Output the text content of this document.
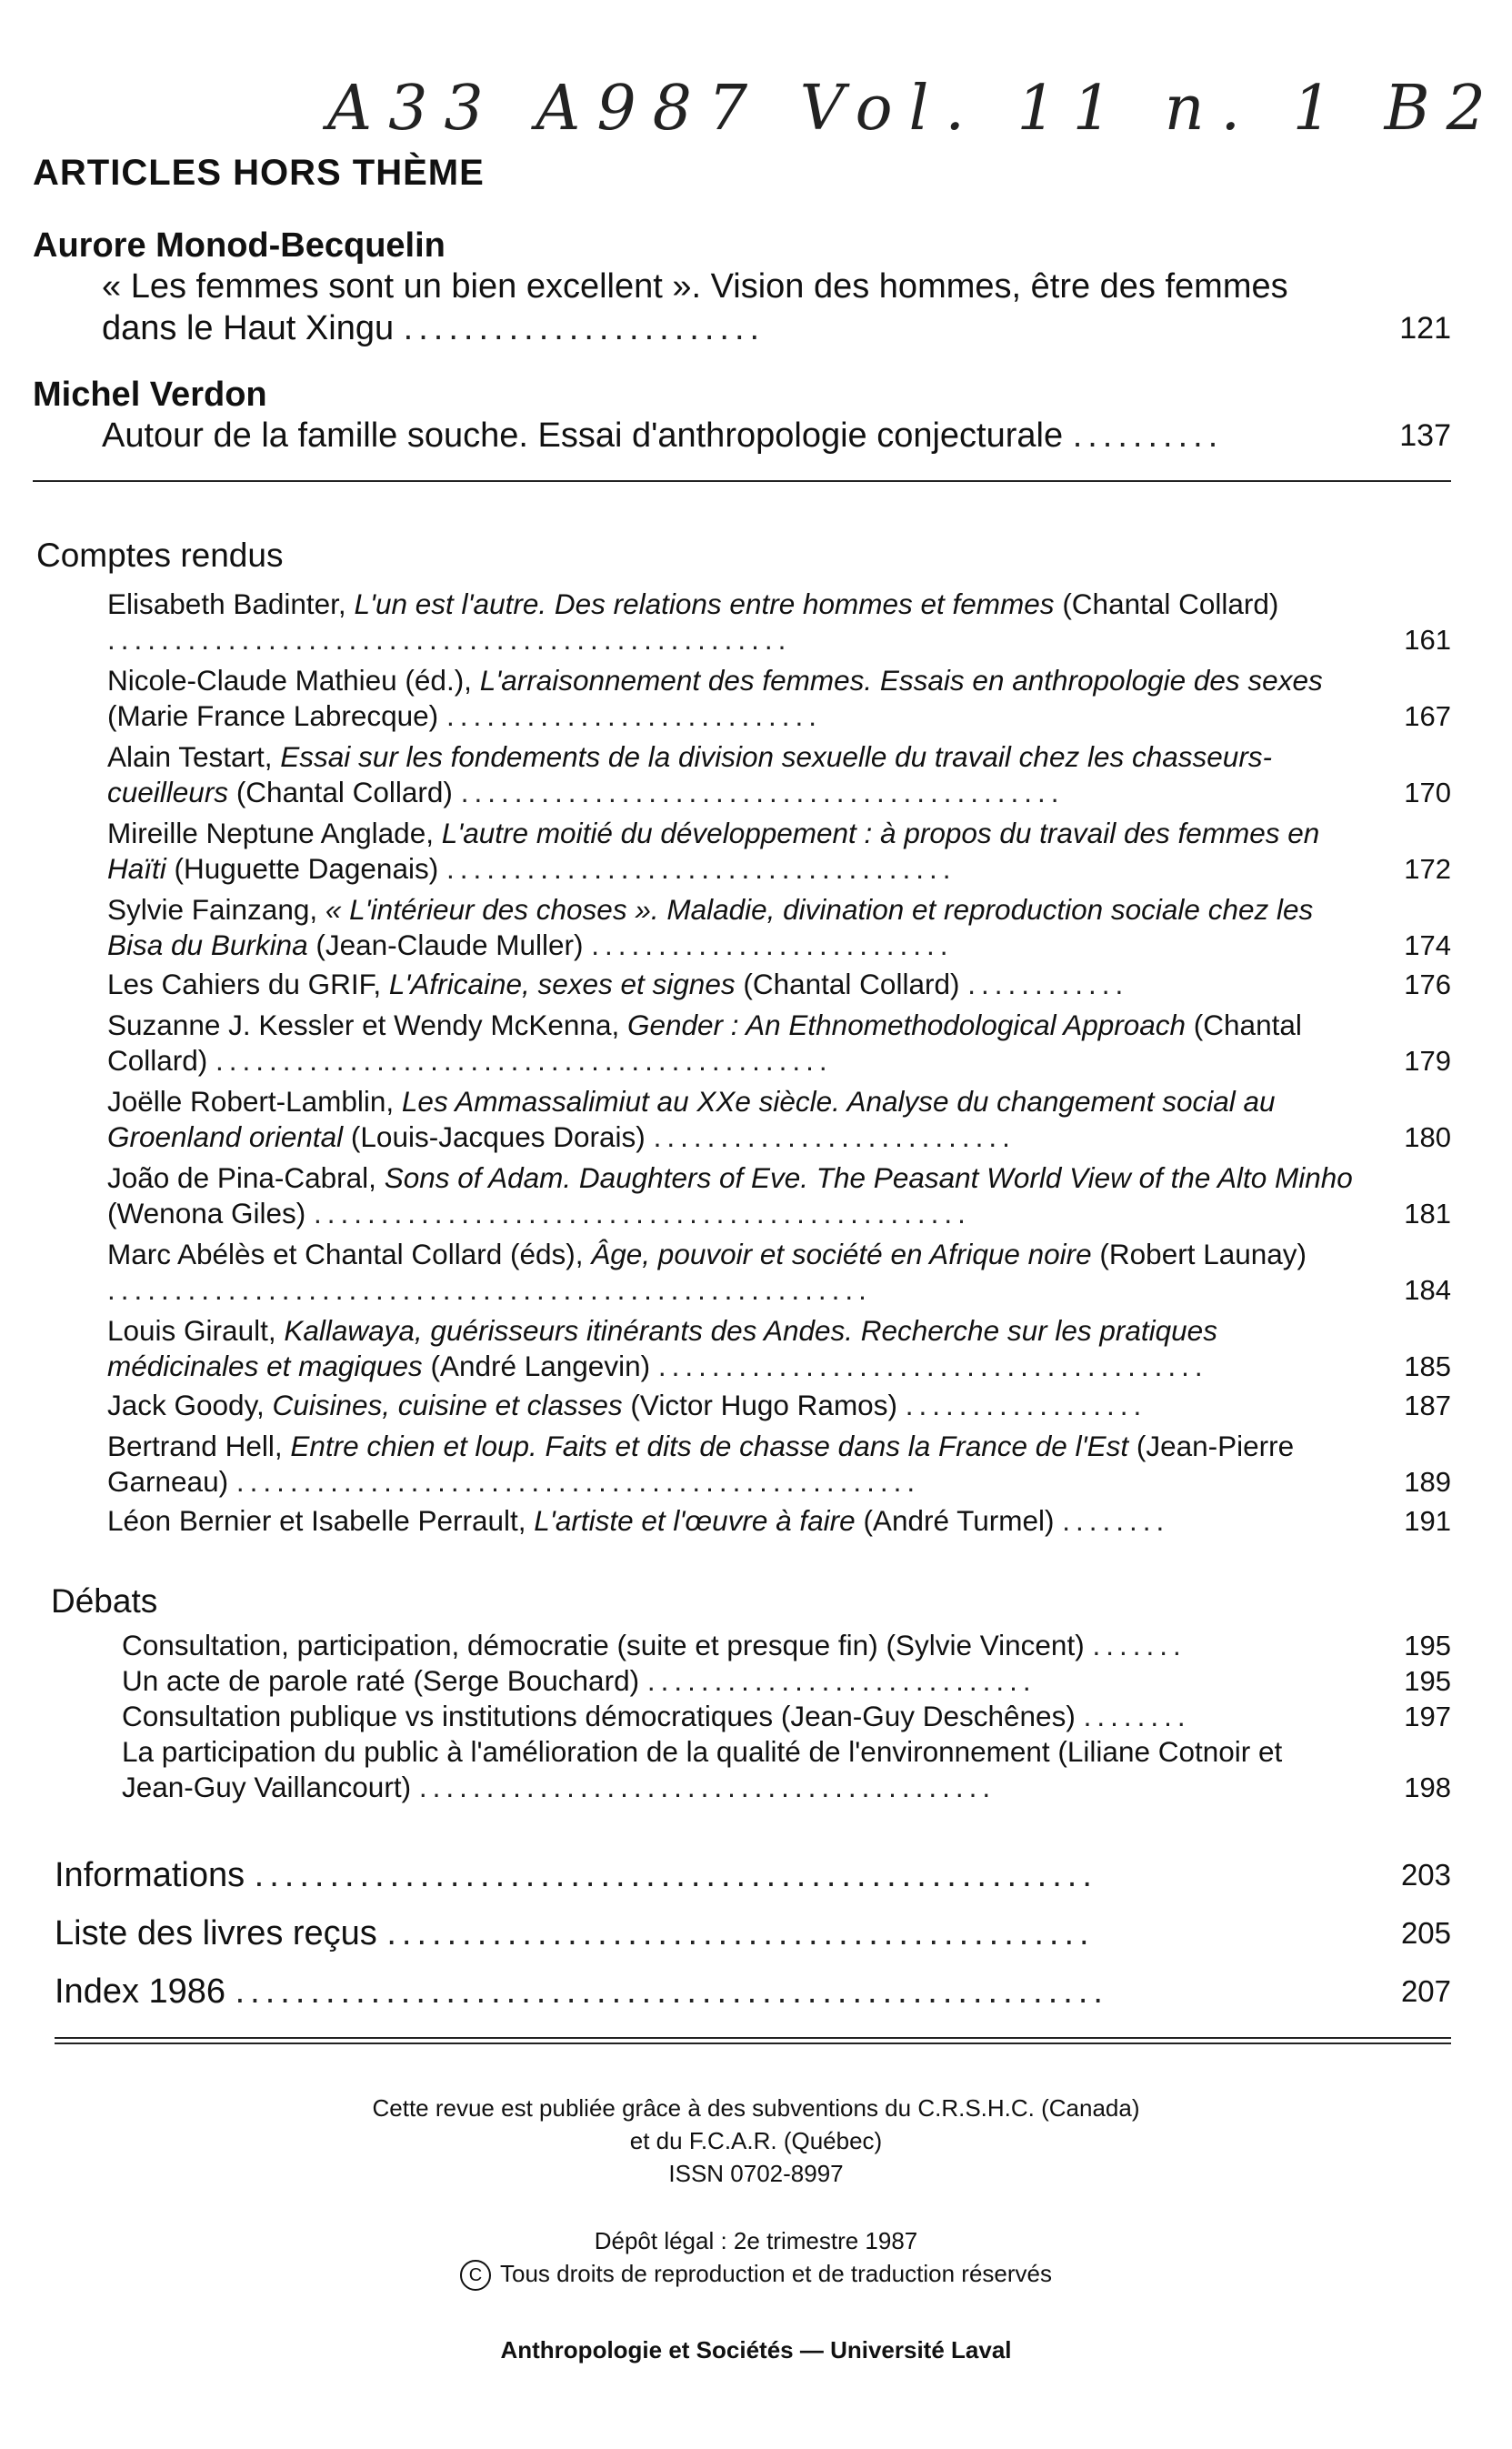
A33 A987 Vol. 11 n. 1 B2
ARTICLES HORS THÈME
Aurore Monod-Becquelin
« Les femmes sont un bien excellent ». Vision des hommes, être des femmes dans le Haut Xingu ........................	121
Michel Verdon
Autour de la famille souche. Essai d'anthropologie conjecturale ..........	137
Comptes rendus
Elisabeth Badinter, L'un est l'autre. Des relations entre hommes et femmes (Chantal Collard) ...................................................	161
Nicole-Claude Mathieu (éd.), L'arraisonnement des femmes. Essais en anthropologie des sexes (Marie France Labrecque) ............................	167
Alain Testart, Essai sur les fondements de la division sexuelle du travail chez les chasseurs-cueilleurs (Chantal Collard) .............................................	170
Mireille Neptune Anglade, L'autre moitié du développement : à propos du travail des femmes en Haïti (Huguette Dagenais) ......................................	172
Sylvie Fainzang, « L'intérieur des choses ». Maladie, divination et reproduction sociale chez les Bisa du Burkina (Jean-Claude Muller) ...........................	174
Les Cahiers du GRIF, L'Africaine, sexes et signes (Chantal Collard) ............	176
Suzanne J. Kessler et Wendy McKenna, Gender : An Ethnomethodological Approach (Chantal Collard) ..............................................	179
Joëlle Robert-Lamblin, Les Ammassalimiut au XXe siècle. Analyse du changement social au Groenland oriental (Louis-Jacques Dorais) ...........................	180
João de Pina-Cabral, Sons of Adam. Daughters of Eve. The Peasant World View of the Alto Minho (Wenona Giles) .................................................	181
Marc Abélès et Chantal Collard (éds), Âge, pouvoir et société en Afrique noire (Robert Launay) .........................................................	184
Louis Girault, Kallawaya, guérisseurs itinérants des Andes. Recherche sur les pratiques médicinales et magiques (André Langevin) .........................................	185
Jack Goody, Cuisines, cuisine et classes (Victor Hugo Ramos) ..................	187
Bertrand Hell, Entre chien et loup. Faits et dits de chasse dans la France de l'Est (Jean-Pierre Garneau) ...................................................	189
Léon Bernier et Isabelle Perrault, L'artiste et l'œuvre à faire (André Turmel) ........	191
Débats
Consultation, participation, démocratie (suite et presque fin) (Sylvie Vincent) .......	195
Un acte de parole raté (Serge Bouchard) .............................	195
Consultation publique vs institutions démocratiques (Jean-Guy Deschênes) ........	197
La participation du public à l'amélioration de la qualité de l'environnement (Liliane Cotnoir et Jean-Guy Vaillancourt) ...........................................	198
Informations ........................................................	203
Liste des livres reçus ...............................................	205
Index 1986 ..........................................................	207
Cette revue est publiée grâce à des subventions du C.R.S.H.C. (Canada)
et du F.C.A.R. (Québec)
ISSN 0702-8997
Dépôt légal : 2e trimestre 1987
C Tous droits de reproduction et de traduction réservés
Anthropologie et Sociétés — Université Laval
